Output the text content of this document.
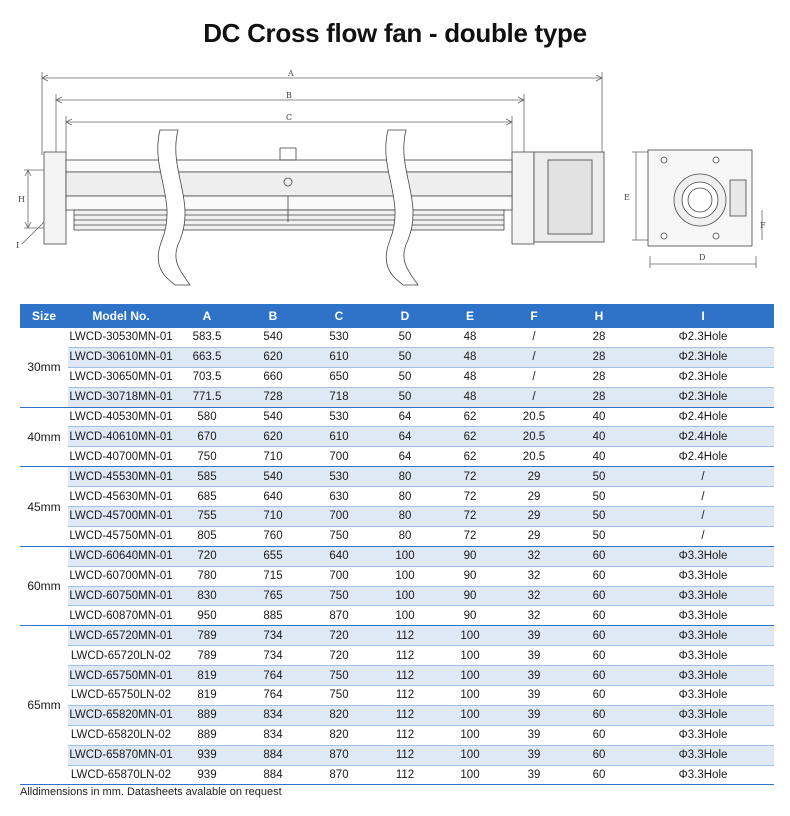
DC Cross flow fan - double type
A
B
C
H
I
E
D
F
Size	Model No.	A	B	C	D	E	F	H	I
30mm	LWCD-30530MN-01	583.5	540	530	50	48	/	28	Φ2.3Hole
	LWCD-30610MN-01	663.5	620	610	50	48	/	28	Φ2.3Hole
	LWCD-30650MN-01	703.5	660	650	50	48	/	28	Φ2.3Hole
	LWCD-30718MN-01	771.5	728	718	50	48	/	28	Φ2.3Hole
40mm	LWCD-40530MN-01	580	540	530	64	62	20.5	40	Φ2.4Hole
	LWCD-40610MN-01	670	620	610	64	62	20.5	40	Φ2.4Hole
	LWCD-40700MN-01	750	710	700	64	62	20.5	40	Φ2.4Hole
45mm	LWCD-45530MN-01	585	540	530	80	72	29	50	/
	LWCD-45630MN-01	685	640	630	80	72	29	50	/
	LWCD-45700MN-01	755	710	700	80	72	29	50	/
	LWCD-45750MN-01	805	760	750	80	72	29	50	/
60mm	LWCD-60640MN-01	720	655	640	100	90	32	60	Φ3.3Hole
	LWCD-60700MN-01	780	715	700	100	90	32	60	Φ3.3Hole
	LWCD-60750MN-01	830	765	750	100	90	32	60	Φ3.3Hole
	LWCD-60870MN-01	950	885	870	100	90	32	60	Φ3.3Hole
65mm	LWCD-65720MN-01	789	734	720	112	100	39	60	Φ3.3Hole
	LWCD-65720LN-02	789	734	720	112	100	39	60	Φ3.3Hole
	LWCD-65750MN-01	819	764	750	112	100	39	60	Φ3.3Hole
	LWCD-65750LN-02	819	764	750	112	100	39	60	Φ3.3Hole
	LWCD-65820MN-01	889	834	820	112	100	39	60	Φ3.3Hole
	LWCD-65820LN-02	889	834	820	112	100	39	60	Φ3.3Hole
	LWCD-65870MN-01	939	884	870	112	100	39	60	Φ3.3Hole
	LWCD-65870LN-02	939	884	870	112	100	39	60	Φ3.3Hole
Alldimensions in mm. Datasheets avalable on request
